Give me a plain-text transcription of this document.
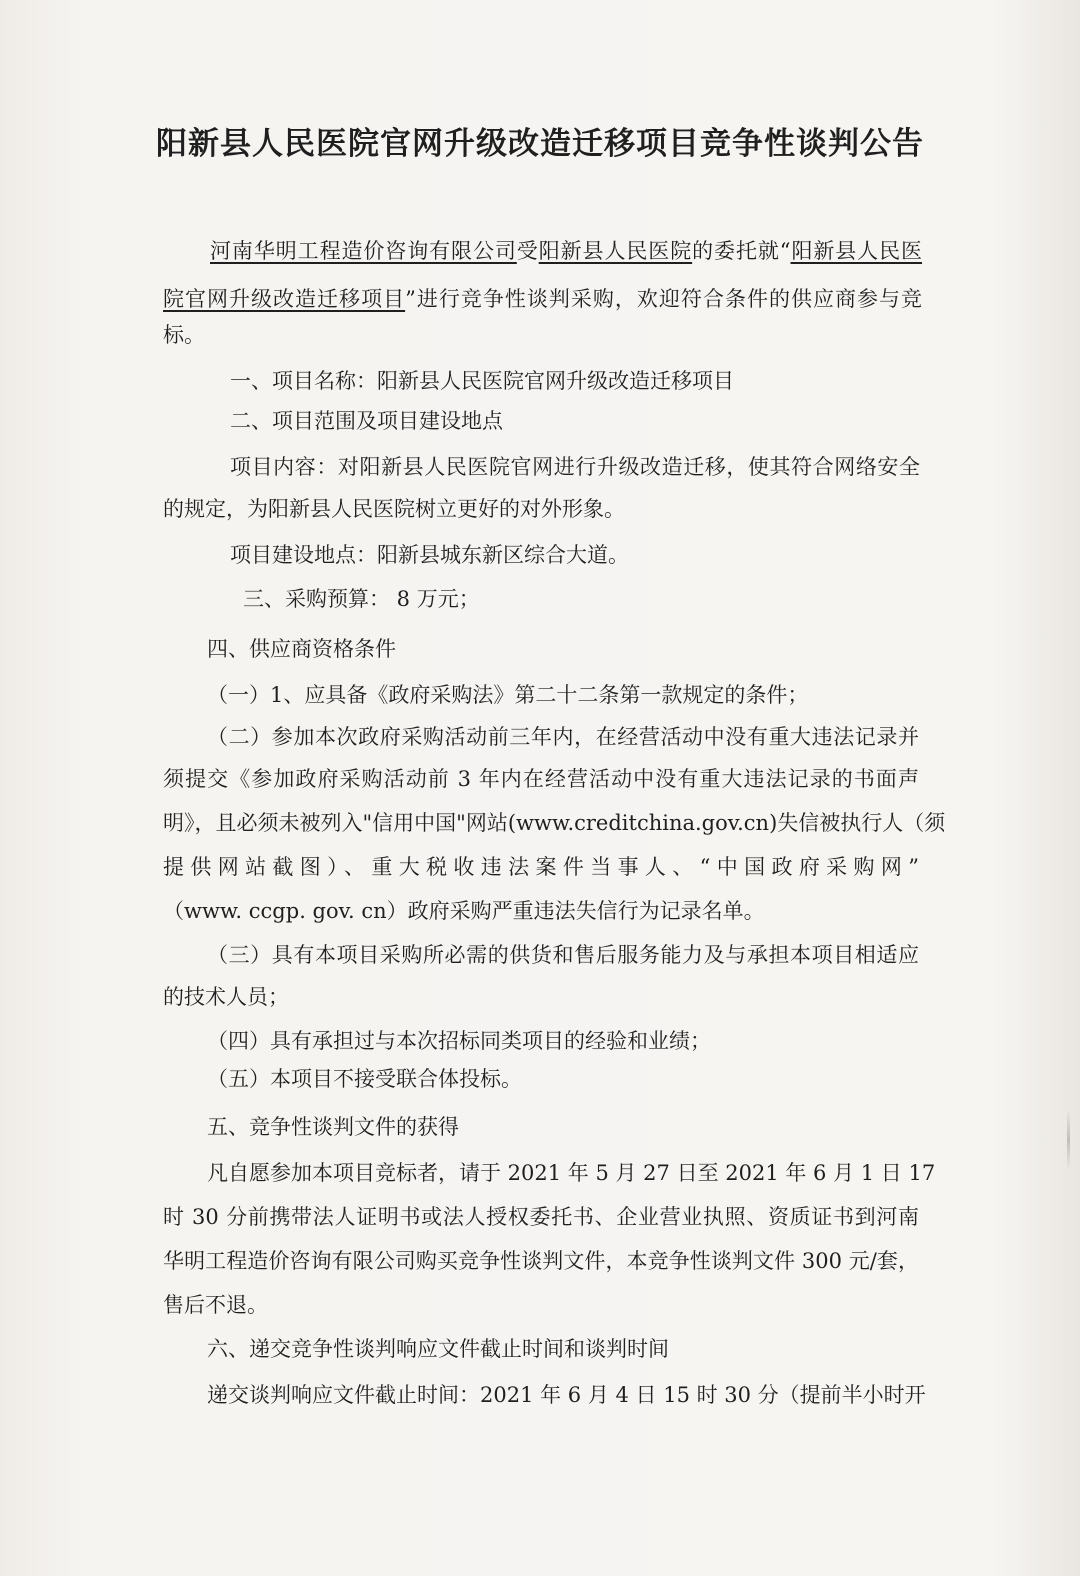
阳新县人民医院官网升级改造迁移项目竞争性谈判公告
河南华明工程造价咨询有限公司受阳新县人民医院的委托就“阳新县人民医
院官网升级改造迁移项目”进行竞争性谈判采购，欢迎符合条件的供应商参与竞
标。
一、项目名称：阳新县人民医院官网升级改造迁移项目
二、项目范围及项目建设地点
项目内容：对阳新县人民医院官网进行升级改造迁移，使其符合网络安全
的规定，为阳新县人民医院树立更好的对外形象。
项目建设地点：阳新县城东新区综合大道。
三、采购预算： 8 万元；
四、供应商资格条件
（一）1、应具备《政府采购法》第二十二条第一款规定的条件；
（二）参加本次政府采购活动前三年内，在经营活动中没有重大违法记录并
须提交《参加政府采购活动前 3 年内在经营活动中没有重大违法记录的书面声
明》，且必须未被列入"信用中国"网站(www.creditchina.gov.cn)失信被执行人（须
提供网站截图）、重大税收违法案件当事人、“中国政府采购网”
（www. ccgp. gov. cn）政府采购严重违法失信行为记录名单。
（三）具有本项目采购所必需的供货和售后服务能力及与承担本项目相适应
的技术人员；
（四）具有承担过与本次招标同类项目的经验和业绩；
（五）本项目不接受联合体投标。
五、竞争性谈判文件的获得
凡自愿参加本项目竞标者，请于 2021 年 5 月 27 日至 2021 年 6 月 1 日 17
时 30 分前携带法人证明书或法人授权委托书、企业营业执照、资质证书到河南
华明工程造价咨询有限公司购买竞争性谈判文件，本竞争性谈判文件 300 元/套，
售后不退。
六、递交竞争性谈判响应文件截止时间和谈判时间
递交谈判响应文件截止时间：2021 年 6 月 4 日 15 时 30 分（提前半小时开
